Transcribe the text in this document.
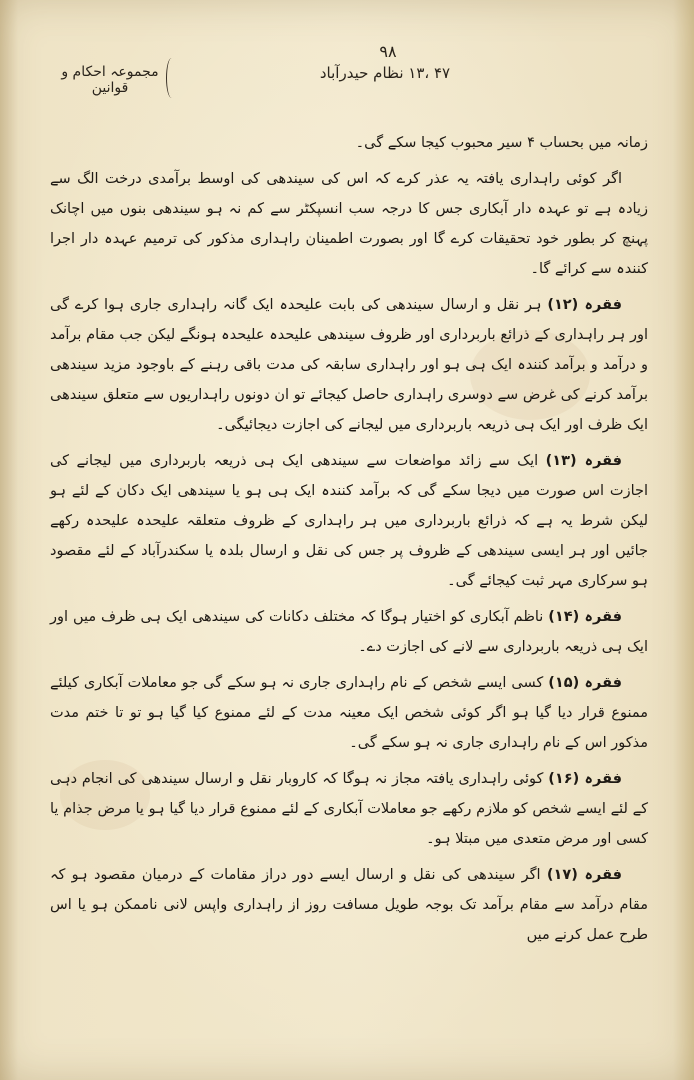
۹۸
۴۷ ،۱۳ نظام حیدرآباد
مجموعہ احکام و قوانین

زمانہ میں بحساب ۴ سیر محبوب کیجا سکے گی۔

اگر کوئی راہداری یافتہ یہ عذر کرے کہ اس کی سیندھی کی اوسط برآمدی درخت الگ سے زیادہ ہے تو عہدہ دار آبکاری جس کا درجہ سب انسپکٹر سے کم نہ ہو سیندھی بنوں میں اچانک پہنچ کر بطور خود تحقیقات کرے گا اور بصورت اطمینان راہداری مذکور کی ترمیم عہدہ دار اجرا کنندہ سے کرائے گا۔

فقرہ (۱۲) ہر نقل و ارسال سیندھی کی بابت علیحدہ ایک گانہ راہداری جاری ہوا کرے گی اور ہر راہداری کے ذرائع باربرداری اور ظروف سیندھی علیحدہ علیحدہ ہونگے لیکن جب مقام برآمد و درآمد و برآمد کنندہ ایک ہی ہو اور راہداری سابقہ کی مدت باقی رہنے کے باوجود مزید سیندھی برآمد کرنے کی غرض سے دوسری راہداری حاصل کیجائے تو ان دونوں راہداریوں سے متعلق سیندھی ایک ظرف اور ایک ہی ذریعہ باربرداری میں لیجانے کی اجازت دیجائیگی۔

فقرہ (۱۳) ایک سے زائد مواضعات سے سیندھی ایک ہی ذریعہ باربرداری میں لیجانے کی اجازت اس صورت میں دیجا سکے گی کہ برآمد کنندہ ایک ہی ہو یا سیندھی ایک دکان کے لئے ہو لیکن شرط یہ ہے کہ ذرائع باربرداری میں ہر راہداری کے ظروف متعلقہ علیحدہ علیحدہ رکھے جائیں اور ہر ایسی سیندھی کے ظروف پر جس کی نقل و ارسال بلدہ یا سکندرآباد کے لئے مقصود ہو سرکاری مہر ثبت کیجائے گی۔

فقرہ (۱۴) ناظم آبکاری کو اختیار ہوگا کہ مختلف دکانات کی سیندھی ایک ہی ظرف میں اور ایک ہی ذریعہ باربرداری سے لانے کی اجازت دے۔

فقرہ (۱۵) کسی ایسے شخص کے نام راہداری جاری نہ ہو سکے گی جو معاملات آبکاری کیلئے ممنوع قرار دیا گیا ہو اگر کوئی شخص ایک معینہ مدت کے لئے ممنوع کیا گیا ہو تو تا ختم مدت مذکور اس کے نام راہداری جاری نہ ہو سکے گی۔

فقرہ (۱۶) کوئی راہداری یافتہ مجاز نہ ہوگا کہ کاروبار نقل و ارسال سیندھی کی انجام دہی کے لئے ایسے شخص کو ملازم رکھے جو معاملات آبکاری کے لئے ممنوع قرار دیا گیا ہو یا مرض جذام یا کسی اور مرض متعدی میں مبتلا ہو۔

فقرہ (۱۷) اگر سیندھی کی نقل و ارسال ایسے دور دراز مقامات کے درمیان مقصود ہو کہ مقام درآمد سے مقام برآمد تک بوجہ طویل مسافت روز از راہداری واپس لانی ناممکن ہو یا اس طرح عمل کرنے میں
